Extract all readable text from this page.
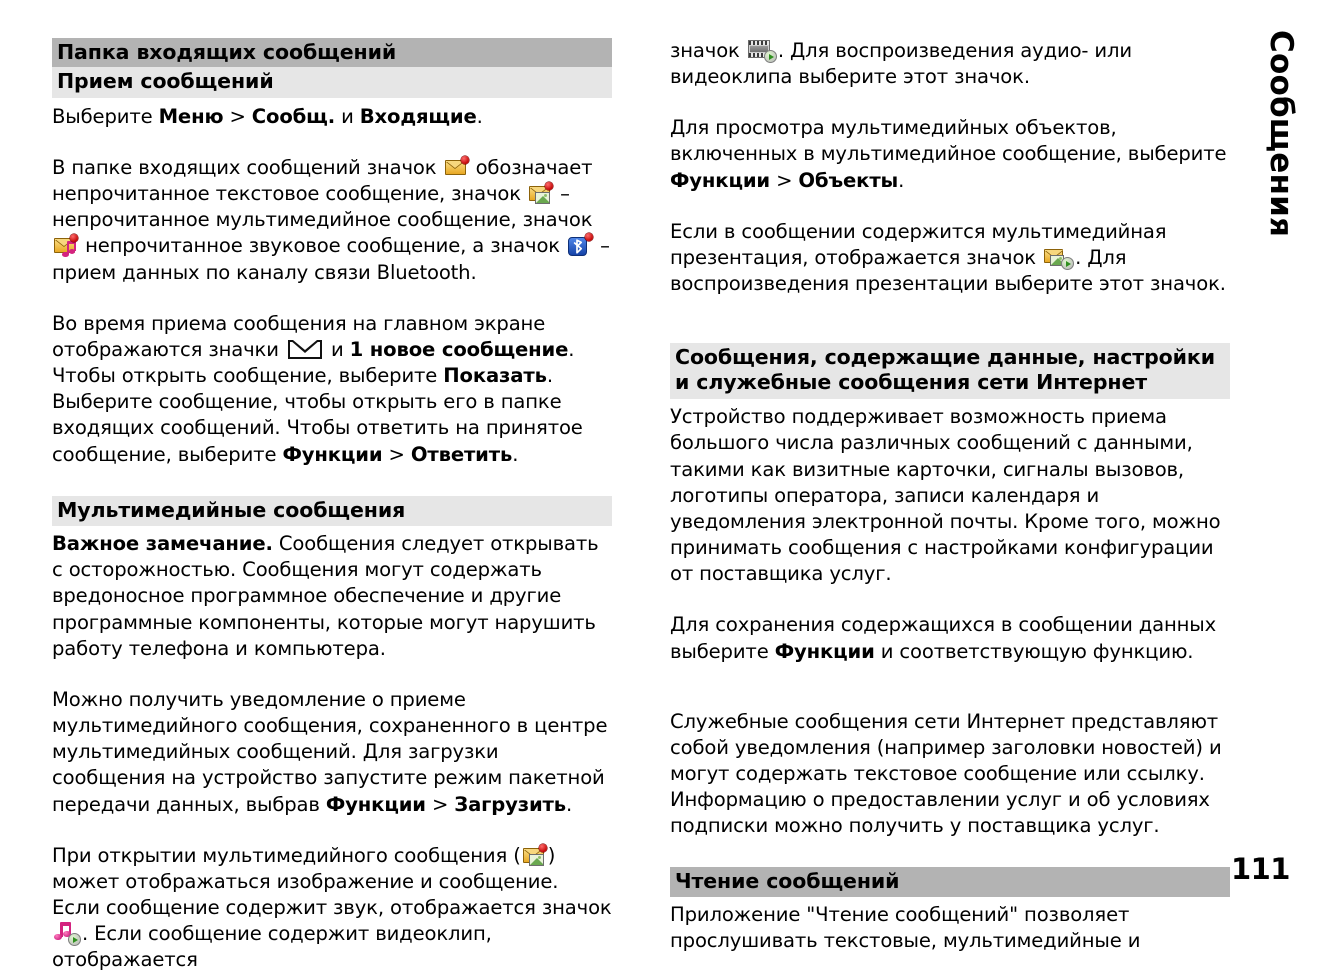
Папка входящих сообщений
Прием сообщений

Выберите Меню > Сообщ. и Входящие.

В папке входящих сообщений значок
обозначает непрочитанное текстовое сообщение, значок
– непрочитанное мультимедийное сообщение, значок
непрочитанное звуковое сообщение, а значок
– прием данных по каналу связи Bluetooth.

Во время приема сообщения на главном экране отображаются значки
и 1 новое сообщение. Чтобы открыть сообщение, выберите Показать. Выберите сообщение, чтобы открыть его в папке входящих сообщений. Чтобы ответить на принятое сообщение, выберите Функции > Ответить.

Мультимедийные сообщения

Важное замечание. Сообщения следует открывать с осторожностью. Сообщения могут содержать вредоносное программное обеспечение и другие программные компоненты, которые могут нарушить работу телефона и компьютера.

Можно получить уведомление о приеме мультимедийного сообщения, сохраненного в центре мультимедийных сообщений. Для загрузки сообщения на устройство запустите режим пакетной передачи данных, выбрав Функции > Загрузить.

При открытии мультимедийного сообщения ( ) может отображаться изображение и сообщение. Если сообщение содержит звук, отображается значок
. Если сообщение содержит видеоклип, отображается

значок
. Для воспроизведения аудио- или видеоклипа выберите этот значок.

Для просмотра мультимедийных объектов, включенных в мультимедийное сообщение, выберите Функции > Объекты.

Если в сообщении содержится мультимедийная презентация, отображается значок
. Для воспроизведения презентации выберите этот значок.

Сообщения, содержащие данные, настройки и служебные сообщения сети Интернет

Устройство поддерживает возможность приема большого числа различных сообщений с данными, такими как визитные карточки, сигналы вызовов, логотипы оператора, записи календаря и уведомления электронной почты. Кроме того, можно принимать сообщения с настройками конфигурации от поставщика услуг.

Для сохранения содержащихся в сообщении данных выберите Функции и соответствующую функцию.

Служебные сообщения сети Интернет представляют собой уведомления (например заголовки новостей) и могут содержать текстовое сообщение или ссылку. Информацию о предоставлении услуг и об условиях подписки можно получить у поставщика услуг.

Чтение сообщений

Приложение "Чтение сообщений" позволяет прослушивать текстовые, мультимедийные и

Сообщения
111
